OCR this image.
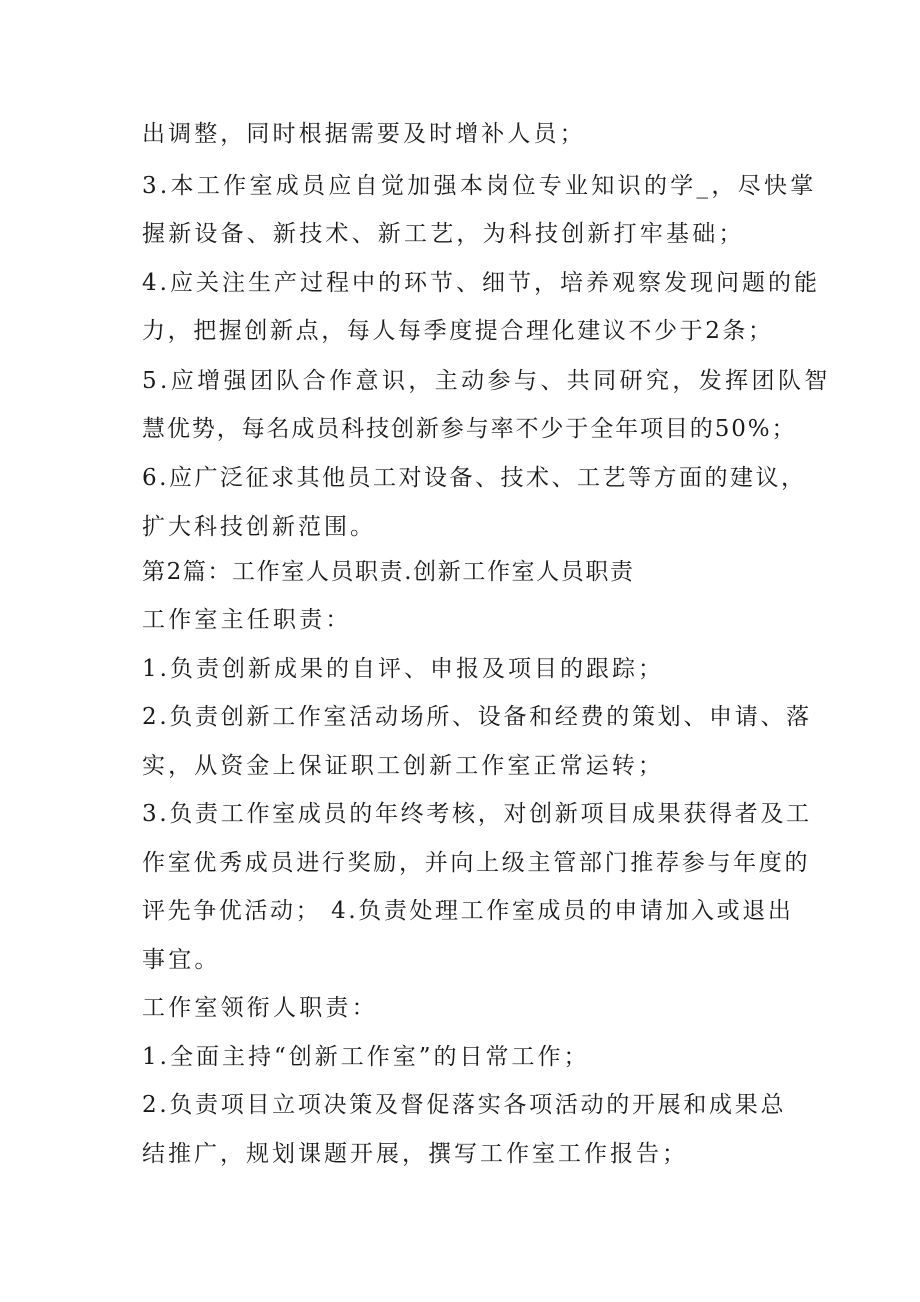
出调整，同时根据需要及时增补人员；
3.本工作室成员应自觉加强本岗位专业知识的学_，尽快掌
握新设备、新技术、新工艺，为科技创新打牢基础；
4.应关注生产过程中的环节、细节，培养观察发现问题的能
力，把握创新点，每人每季度提合理化建议不少于2条；
5.应增强团队合作意识，主动参与、共同研究，发挥团队智
慧优势，每名成员科技创新参与率不少于全年项目的50%；
6.应广泛征求其他员工对设备、技术、工艺等方面的建议，
扩大科技创新范围。
第2篇：工作室人员职责.创新工作室人员职责
工作室主任职责：
1.负责创新成果的自评、申报及项目的跟踪；
2.负责创新工作室活动场所、设备和经费的策划、申请、落
实，从资金上保证职工创新工作室正常运转；
3.负责工作室成员的年终考核，对创新项目成果获得者及工
作室优秀成员进行奖励，并向上级主管部门推荐参与年度的
评先争优活动； 4.负责处理工作室成员的申请加入或退出
事宜。
工作室领衔人职责：
1.全面主持“创新工作室”的日常工作；
2.负责项目立项决策及督促落实各项活动的开展和成果总
结推广，规划课题开展，撰写工作室工作报告；
